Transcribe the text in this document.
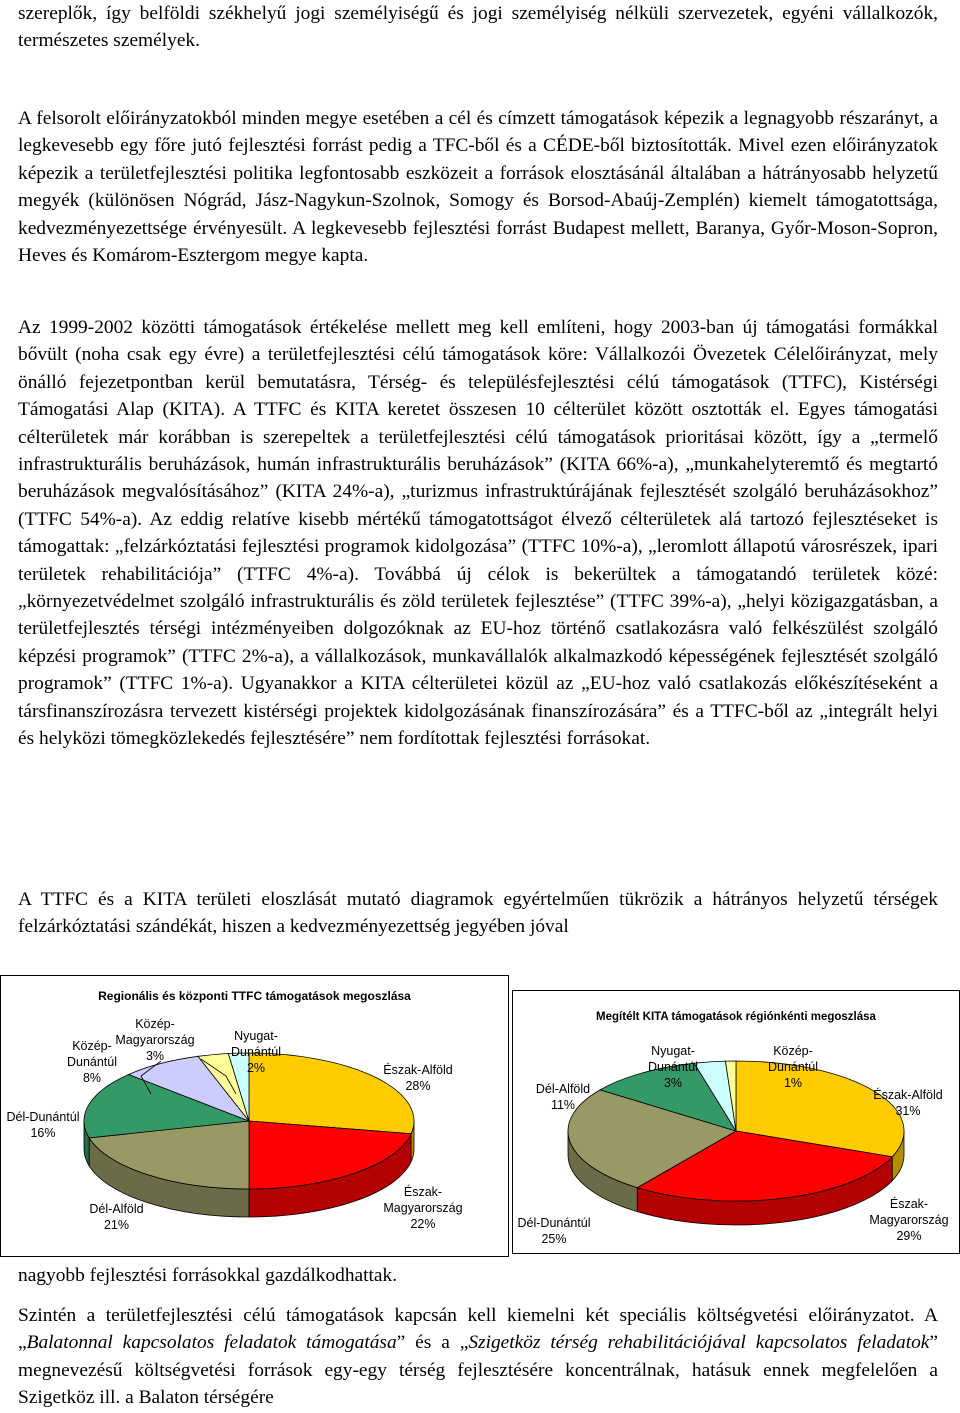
szereplők, így belföldi székhelyű jogi személyiségű és jogi személyiség nélküli szervezetek, egyéni vállalkozók, természetes személyek.

A felsorolt előirányzatokból minden megye esetében a cél és címzett támogatások képezik a legnagyobb részarányt, a legkevesebb egy főre jutó fejlesztési forrást pedig a TFC-ből és a CÉDE-ből biztosították. Mivel ezen előirányzatok képezik a területfejlesztési politika legfontosabb eszközeit a források elosztásánál általában a hátrányosabb helyzetű megyék (különösen Nógrád, Jász-Nagykun-Szolnok, Somogy és Borsod-Abaúj-Zemplén) kiemelt támogatottsága, kedvezményezettsége érvényesült. A legkevesebb fejlesztési forrást Budapest mellett, Baranya, Győr-Moson-Sopron, Heves és Komárom-Esztergom megye kapta.

Az 1999-2002 közötti támogatások értékelése mellett meg kell említeni, hogy 2003-ban új támogatási formákkal bővült (noha csak egy évre) a területfejlesztési célú támogatások köre: Vállalkozói Övezetek Célelőirányzat, mely önálló fejezetpontban kerül bemutatásra, Térség- és településfejlesztési célú támogatások (TTFC), Kistérségi Támogatási Alap (KITA). A TTFC és KITA keretet összesen 10 célterület között osztották el. Egyes támogatási célterületek már korábban is szerepeltek a területfejlesztési célú támogatások prioritásai között, így a „termelő infrastrukturális beruházások, humán infrastrukturális beruházások” (KITA 66%-a), „munkahelyteremtő és megtartó beruházások megvalósításához” (KITA 24%-a), „turizmus infrastruktúrájának fejlesztését szolgáló beruházásokhoz” (TTFC 54%-a). Az eddig relatíve kisebb mértékű támogatottságot élvező célterületek alá tartozó fejlesztéseket is támogattak: „felzárkóztatási fejlesztési programok kidolgozása” (TTFC 10%-a), „leromlott állapotú városrészek, ipari területek rehabilitációja” (TTFC 4%-a). Továbbá új célok is bekerültek a támogatandó területek közé: „környezetvédelmet szolgáló infrastrukturális és zöld területek fejlesztése” (TTFC 39%-a), „helyi közigazgatásban, a területfejlesztés térségi intézményeiben dolgozóknak az EU-hoz történő csatlakozásra való felkészülést szolgáló képzési programok” (TTFC 2%-a), a vállalkozások, munkavállalók alkalmazkodó képességének fejlesztését szolgáló programok” (TTFC 1%-a). Ugyanakkor a KITA célterületei közül az „EU-hoz való csatlakozás előkészítéseként a társfinanszírozásra tervezett kistérségi projektek kidolgozásának finanszírozására” és a TTFC-ből az „integrált helyi és helyközi tömegközlekedés fejlesztésére” nem fordítottak fejlesztési forrásokat.

A TTFC és a KITA területi eloszlását mutató diagramok egyértelműen tükrözik a hátrányos helyzetű térségek felzárkóztatási szándékát, hiszen a kedvezményezettség jegyében jóval

Regionális és központi TTFC támogatások megoszlása

Észak-Alföld
28%
Észak-
Magyarország
22%
Dél-Alföld
21%
Dél-Dunántúl
16%
Közép-
Dunántúl
8%
Közép-
Magyarország
3%
Nyugat-
Dunántúl
2%

Megítélt KITA támogatások régiónkénti megoszlása

Észak-Alföld
31%
Észak-
Magyarország
29%
Dél-Dunántúl
25%
Dél-Alföld
11%
Nyugat-
Dunántúl
3%
Közép-
Dunántúl
1%

nagyobb fejlesztési forrásokkal gazdálkodhattak.

Szintén a területfejlesztési célú támogatások kapcsán kell kiemelni két speciális költségvetési előirányzatot. A „Balatonnal kapcsolatos feladatok támogatása” és a „Szigetköz térség rehabilitációjával kapcsolatos feladatok” megnevezésű költségvetési források egy-egy térség fejlesztésére koncentrálnak, hatásuk ennek megfelelően a Szigetköz ill. a Balaton térségére
